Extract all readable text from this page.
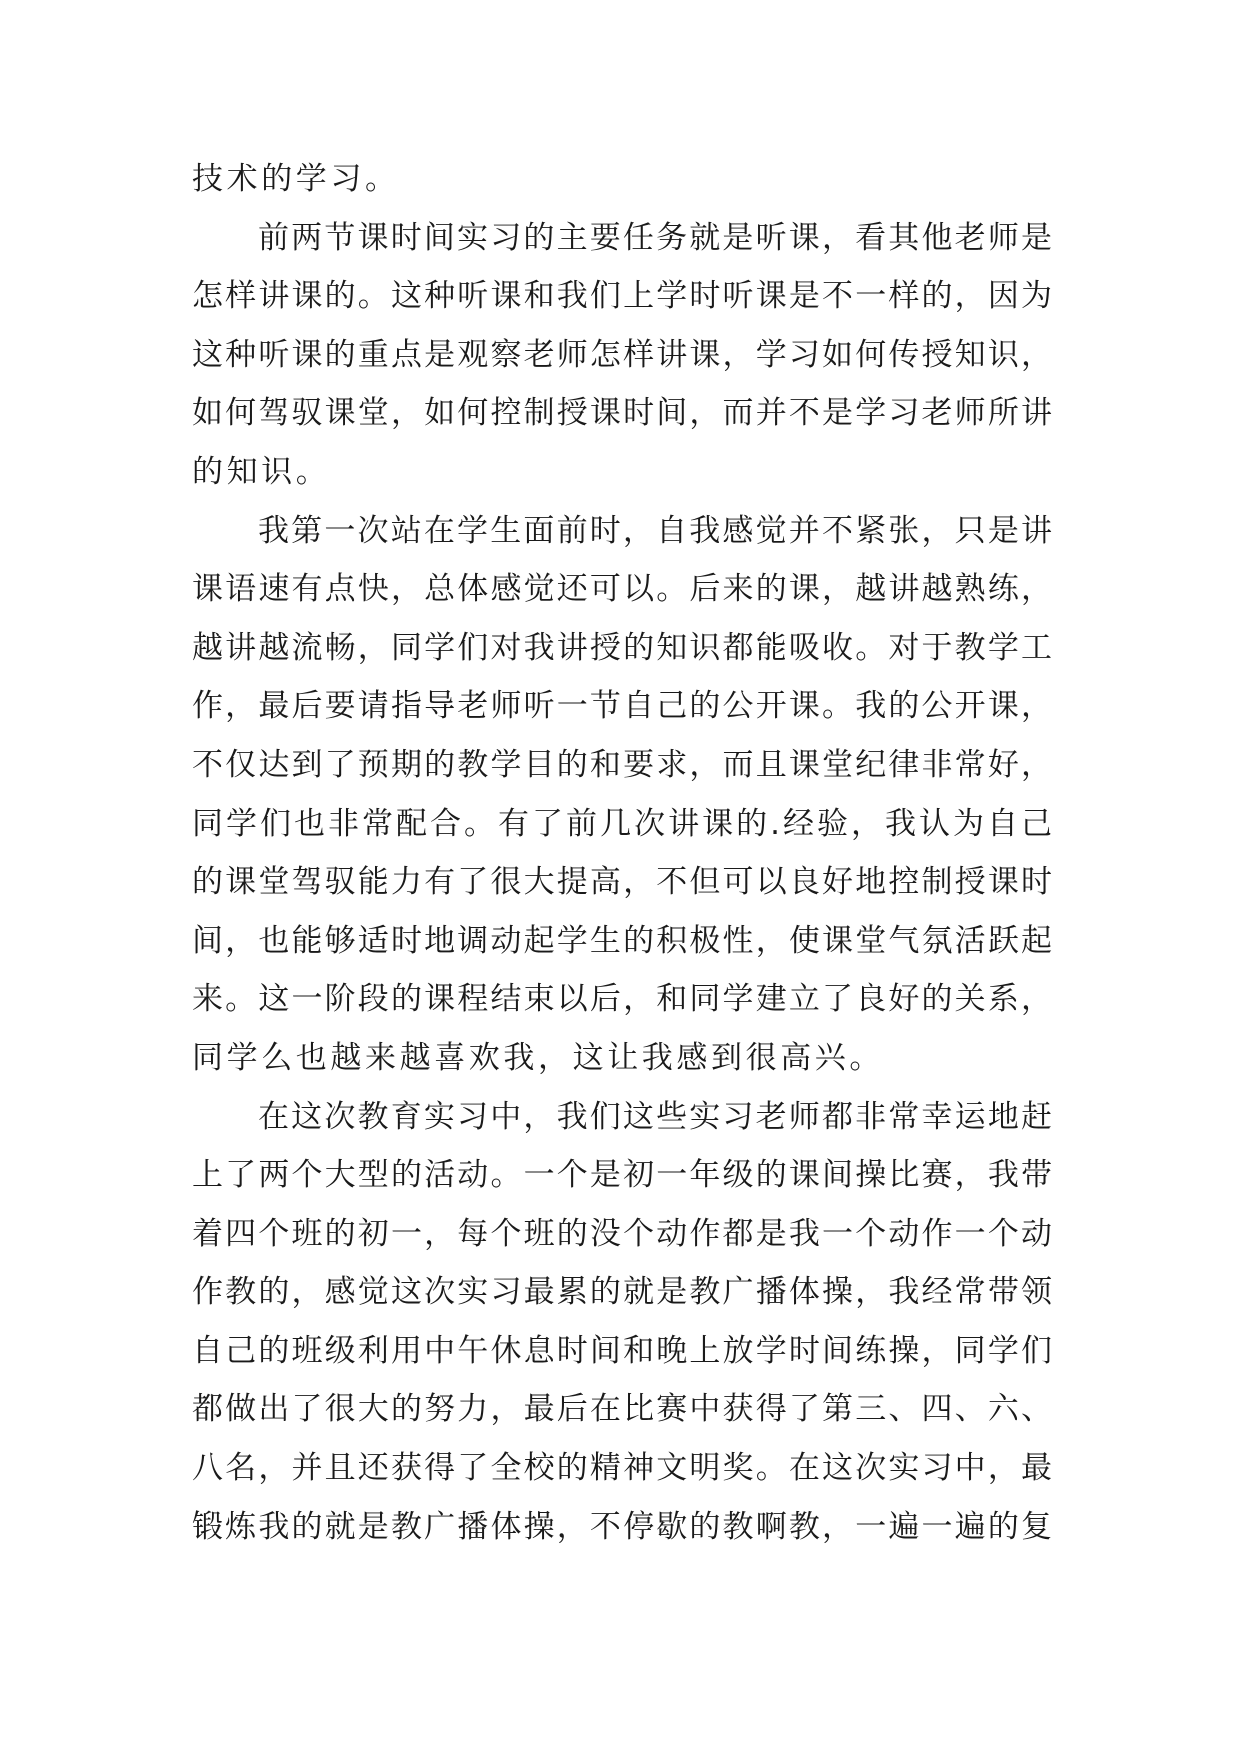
技术的学习。
前两节课时间实习的主要任务就是听课，看其他老师是
怎样讲课的。这种听课和我们上学时听课是不一样的，因为
这种听课的重点是观察老师怎样讲课，学习如何传授知识，
如何驾驭课堂，如何控制授课时间，而并不是学习老师所讲
的知识。
我第一次站在学生面前时，自我感觉并不紧张，只是讲
课语速有点快，总体感觉还可以。后来的课，越讲越熟练，
越讲越流畅，同学们对我讲授的知识都能吸收。对于教学工
作，最后要请指导老师听一节自己的公开课。我的公开课，
不仅达到了预期的教学目的和要求，而且课堂纪律非常好，
同学们也非常配合。有了前几次讲课的.经验，我认为自己
的课堂驾驭能力有了很大提高，不但可以良好地控制授课时
间，也能够适时地调动起学生的积极性，使课堂气氛活跃起
来。这一阶段的课程结束以后，和同学建立了良好的关系，
同学么也越来越喜欢我，这让我感到很高兴。
在这次教育实习中，我们这些实习老师都非常幸运地赶
上了两个大型的活动。一个是初一年级的课间操比赛，我带
着四个班的初一，每个班的没个动作都是我一个动作一个动
作教的，感觉这次实习最累的就是教广播体操，我经常带领
自己的班级利用中午休息时间和晚上放学时间练操，同学们
都做出了很大的努力，最后在比赛中获得了第三、四、六、
八名，并且还获得了全校的精神文明奖。在这次实习中，最
锻炼我的就是教广播体操，不停歇的教啊教，一遍一遍的复
